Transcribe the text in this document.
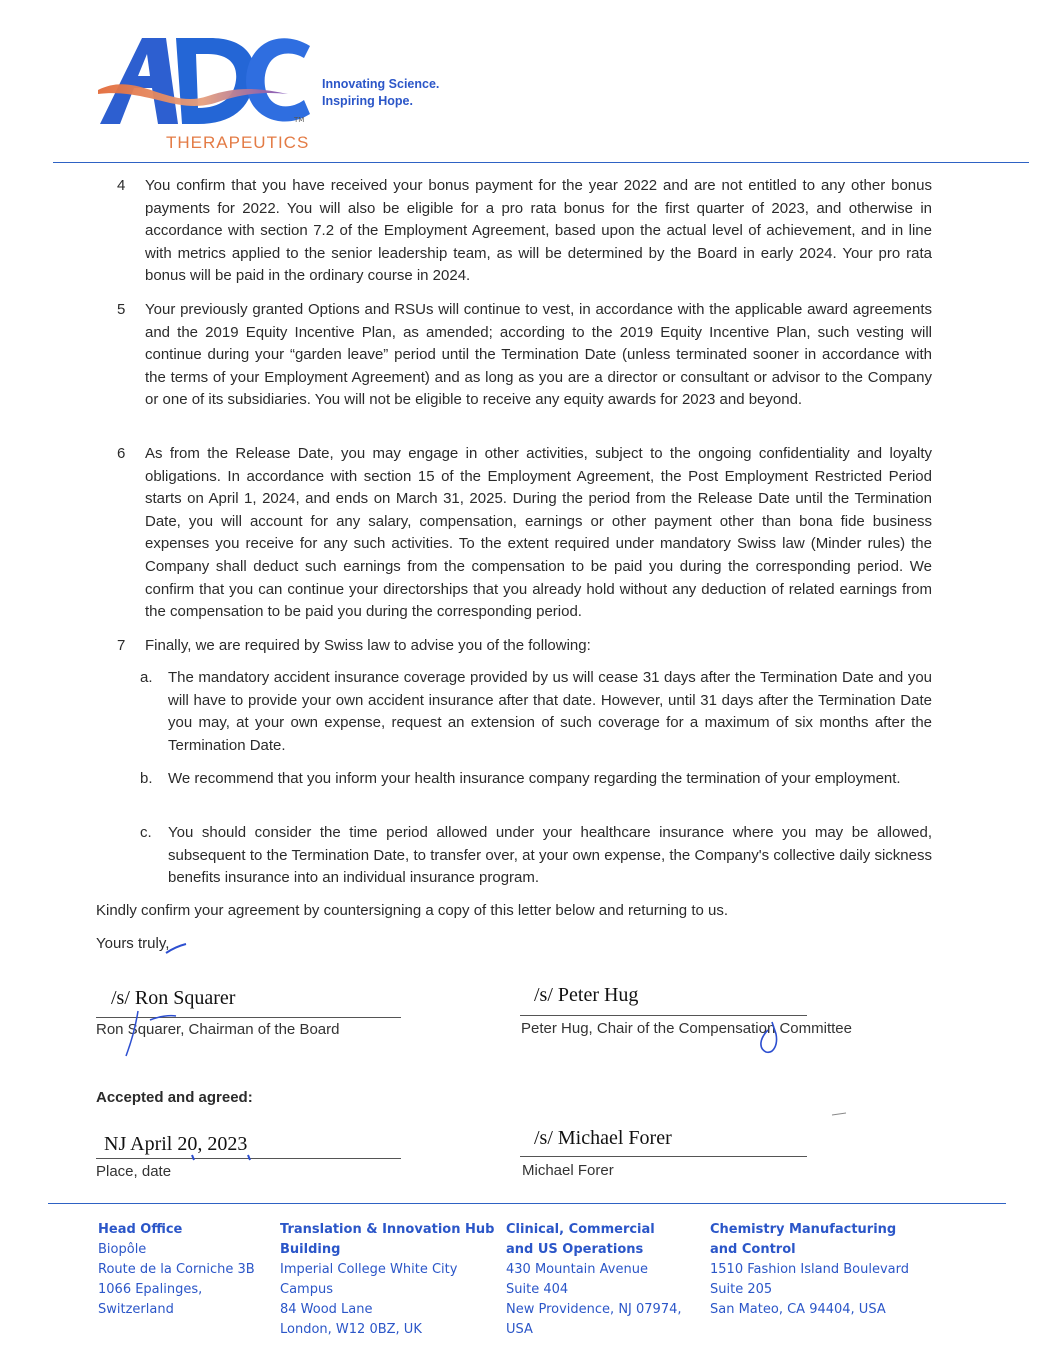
TM
Innovating Science.
Inspiring Hope.
THERAPEUTICS
4 You confirm that you have received your bonus payment for the year 2022 and are not entitled to any other bonus payments for 2022. You will also be eligible for a pro rata bonus for the first quarter of 2023, and otherwise in accordance with section 7.2 of the Employment Agreement, based upon the actual level of achievement, and in line with metrics applied to the senior leadership team, as will be determined by the Board in early 2024. Your pro rata bonus will be paid in the ordinary course in 2024.
5 Your previously granted Options and RSUs will continue to vest, in accordance with the applicable award agreements and the 2019 Equity Incentive Plan, as amended; according to the 2019 Equity Incentive Plan, such vesting will continue during your “garden leave” period until the Termination Date (unless terminated sooner in accordance with the terms of your Employment Agreement) and as long as you are a director or consultant or advisor to the Company or one of its subsidiaries. You will not be eligible to receive any equity awards for 2023 and beyond.
6 As from the Release Date, you may engage in other activities, subject to the ongoing confidentiality and loyalty obligations. In accordance with section 15 of the Employment Agreement, the Post Employment Restricted Period starts on April 1, 2024, and ends on March 31, 2025. During the period from the Release Date until the Termination Date, you will account for any salary, compensation, earnings or other payment other than bona fide business expenses you receive for any such activities. To the extent required under mandatory Swiss law (Minder rules) the Company shall deduct such earnings from the compensation to be paid you during the corresponding period. We confirm that you can continue your directorships that you already hold without any deduction of related earnings from the compensation to be paid you during the corresponding period.
7 Finally, we are required by Swiss law to advise you of the following:
a. The mandatory accident insurance coverage provided by us will cease 31 days after the Termination Date and you will have to provide your own accident insurance after that date. However, until 31 days after the Termination Date you may, at your own expense, request an extension of such coverage for a maximum of six months after the Termination Date.
b. We recommend that you inform your health insurance company regarding the termination of your employment.
c. You should consider the time period allowed under your healthcare insurance where you may be allowed, subsequent to the Termination Date, to transfer over, at your own expense, the Company's collective daily sickness benefits insurance into an individual insurance program.
Kindly confirm your agreement by countersigning a copy of this letter below and returning to us.
Yours truly,
/s/ Ron Squarer
Ron Squarer, Chairman of the Board
/s/ Peter Hug
Peter Hug, Chair of the Compensation Committee
Accepted and agreed:
NJ April 20, 2023
Place, date
/s/ Michael Forer
Michael Forer
Head Office
Biopôle
Route de la Corniche 3B
1066 Epalinges,
Switzerland
Translation & Innovation Hub
Building
Imperial College White City
Campus
84 Wood Lane
London, W12 0BZ, UK
Clinical, Commercial
and US Operations
430 Mountain Avenue
Suite 404
New Providence, NJ 07974,
USA
Chemistry Manufacturing
and Control
1510 Fashion Island Boulevard
Suite 205
San Mateo, CA 94404, USA
